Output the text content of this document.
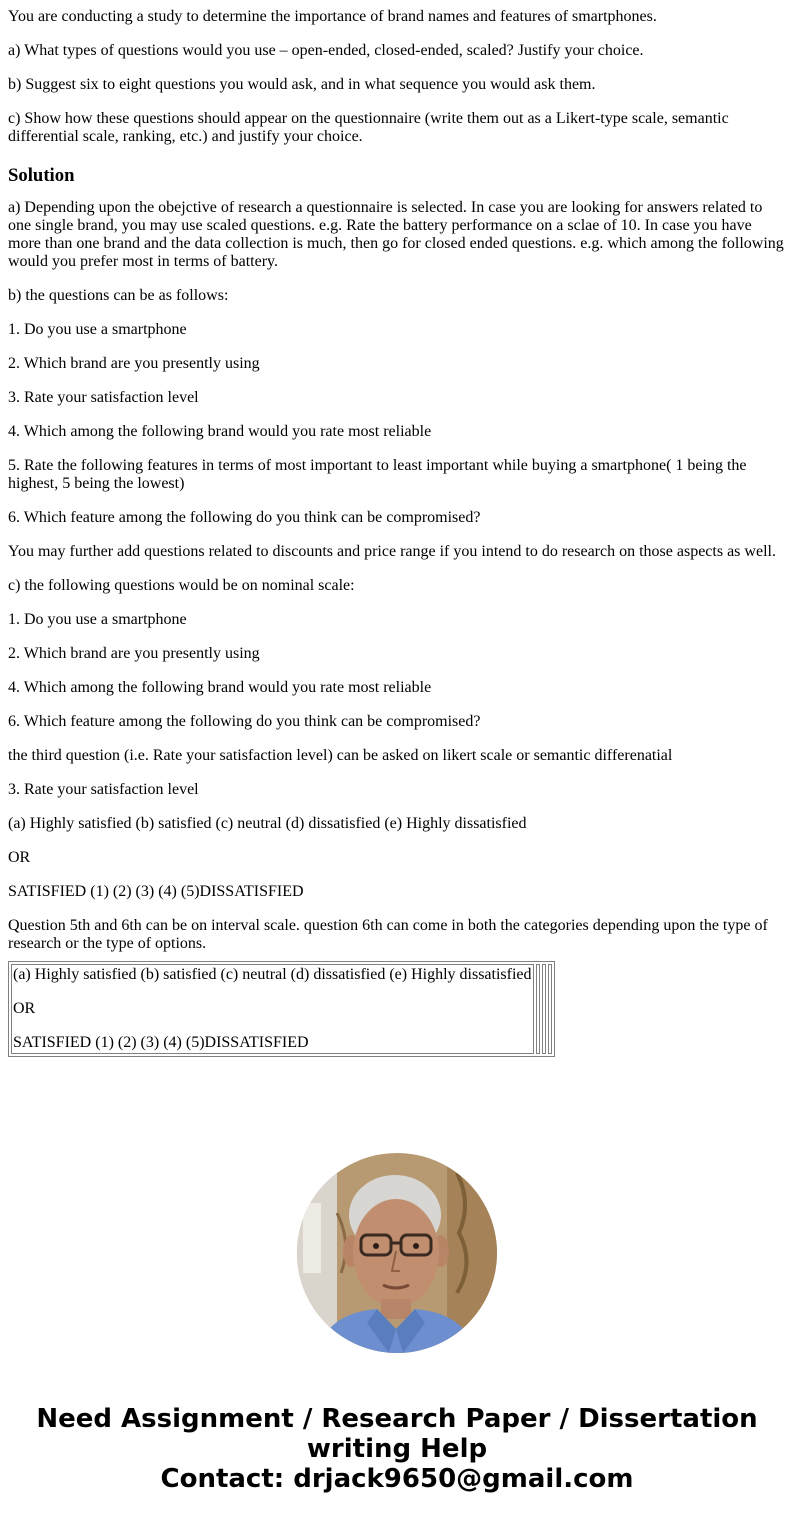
You are conducting a study to determine the importance of brand names and features of smartphones.

a) What types of questions would you use – open-ended, closed-ended, scaled? Justify your choice.

b) Suggest six to eight questions you would ask, and in what sequence you would ask them.

c) Show how these questions should appear on the questionnaire (write them out as a Likert-type scale, semantic differential scale, ranking, etc.) and justify your choice.

Solution

a) Depending upon the obejctive of research a questionnaire is selected. In case you are looking for answers related to one single brand, you may use scaled questions. e.g. Rate the battery performance on a sclae of 10. In case you have more than one brand and the data collection is much, then go for closed ended questions. e.g. which among the following would you prefer most in terms of battery.

b) the questions can be as follows:

1. Do you use a smartphone

2. Which brand are you presently using

3. Rate your satisfaction level

4. Which among the following brand would you rate most reliable

5. Rate the following features in terms of most important to least important while buying a smartphone( 1 being the highest, 5 being the lowest)

6. Which feature among the following do you think can be compromised?

You may further add questions related to discounts and price range if you intend to do research on those aspects as well.

c) the following questions would be on nominal scale:

1. Do you use a smartphone

2. Which brand are you presently using

4. Which among the following brand would you rate most reliable

6. Which feature among the following do you think can be compromised?

the third question (i.e. Rate your satisfaction level) can be asked on likert scale or semantic differenatial

3. Rate your satisfaction level

(a) Highly satisfied (b) satisfied (c) neutral (d) dissatisfied (e) Highly dissatisfied

OR

SATISFIED (1) (2) (3) (4) (5)DISSATISFIED

Question 5th and 6th can be on interval scale. question 6th can come in both the categories depending upon the type of research or the type of options.

(a) Highly satisfied (b) satisfied (c) neutral (d) dissatisfied (e) Highly dissatisfied

OR

SATISFIED (1) (2) (3) (4) (5)DISSATISFIED

Need Assignment / Research Paper / Dissertation
writing Help
Contact: drjack9650@gmail.com
